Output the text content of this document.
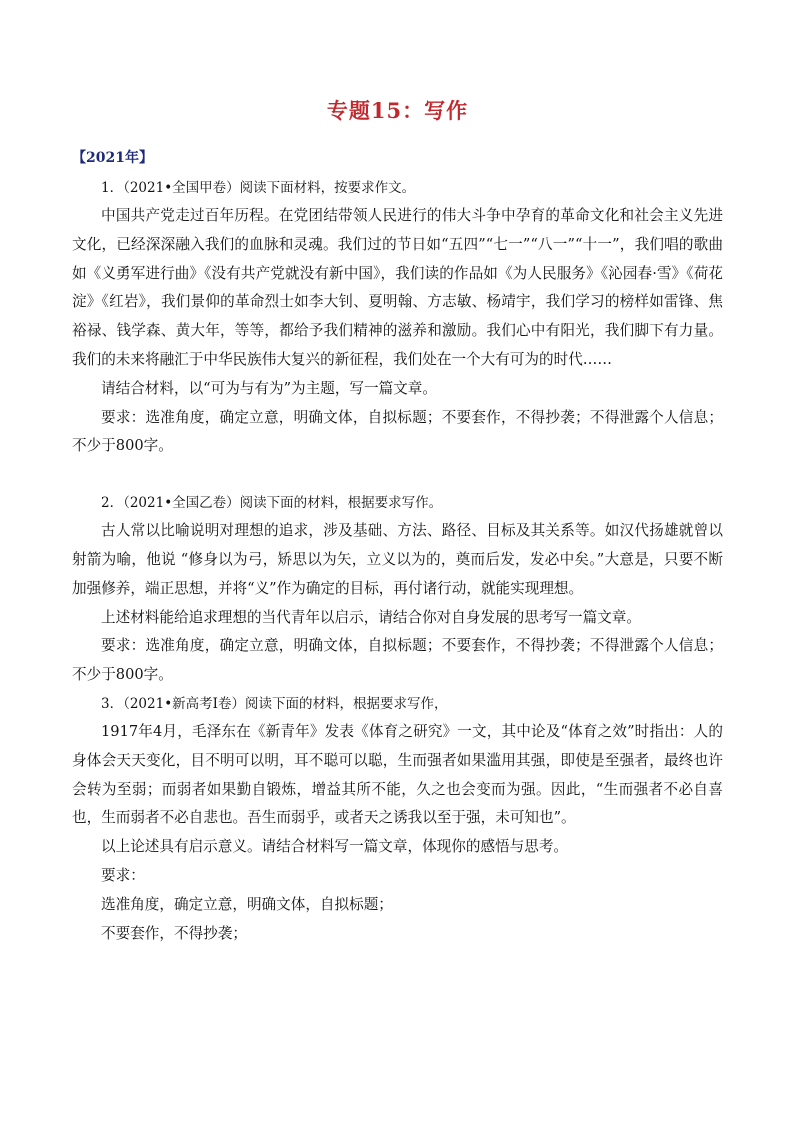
专题15：写作
【2021年】

1．（2021•全国甲卷）阅读下面材料，按要求作文。

中国共产党走过百年历程。在党团结带领人民进行的伟大斗争中孕育的革命文化和社会主义先进文化，已经深深融入我们的血脉和灵魂。我们过的节日如“五四”“七一”“八一”“十一”，我们唱的歌曲如《义勇军进行曲》《没有共产党就没有新中国》，我们读的作品如《为人民服务》《沁园春·雪》《荷花淀》《红岩》，我们景仰的革命烈士如李大钊、夏明翰、方志敏、杨靖宇，我们学习的榜样如雷锋、焦裕禄、钱学森、黄大年，等等，都给予我们精神的滋养和激励。我们心中有阳光，我们脚下有力量。我们的未来将融汇于中华民族伟大复兴的新征程，我们处在一个大有可为的时代……

请结合材料，以“可为与有为”为主题，写一篇文章。

要求：选准角度，确定立意，明确文体，自拟标题；不要套作，不得抄袭；不得泄露个人信息；不少于800字。

2．（2021•全国乙卷）阅读下面的材料，根据要求写作。

古人常以比喻说明对理想的追求，涉及基础、方法、路径、目标及其关系等。如汉代扬雄就曾以射箭为喻，他说 “修身以为弓，矫思以为矢，立义以为的，奠而后发，发必中矣。”大意是，只要不断加强修养，端正思想，并将“义”作为确定的目标，再付诸行动，就能实现理想。

上述材料能给追求理想的当代青年以启示，请结合你对自身发展的思考写一篇文章。

要求：选准角度，确定立意，明确文体，自拟标题；不要套作，不得抄袭；不得泄露个人信息；不少于800字。

3．（2021•新高考Ⅰ卷）阅读下面的材料，根据要求写作，

1917年4月，毛泽东在《新青年》发表《体育之研究》一文，其中论及“体育之效”时指出：人的身体会天天变化，目不明可以明，耳不聪可以聪，生而强者如果滥用其强，即使是至强者，最终也许会转为至弱；而弱者如果勤自锻炼，增益其所不能，久之也会变而为强。因此，“生而强者不必自喜也，生而弱者不必自悲也。吾生而弱乎，或者天之诱我以至于强，未可知也”。

以上论述具有启示意义。请结合材料写一篇文章，体现你的感悟与思考。

要求：

选准角度，确定立意，明确文体，自拟标题；

不要套作，不得抄袭；
